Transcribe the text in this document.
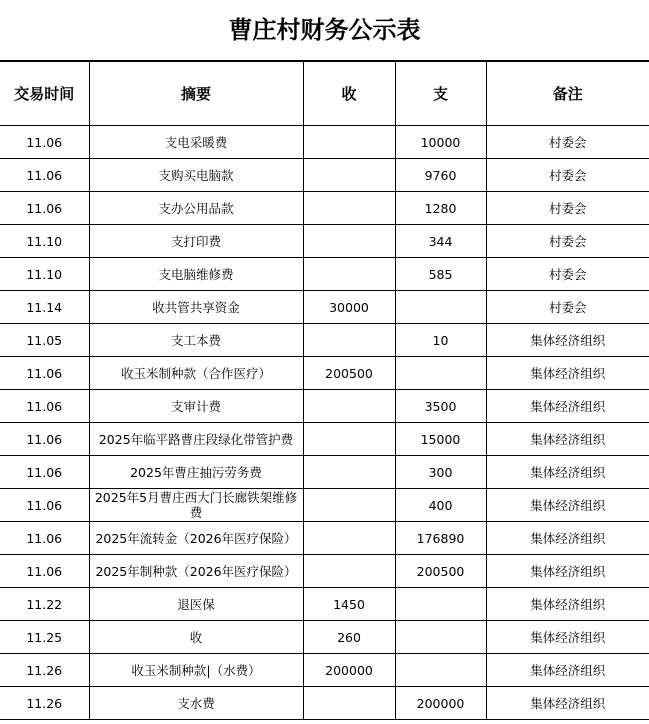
曹庄村财务公示表
交易时间	摘要	收	支	备注
11.06	支电采暖费		10000	村委会
11.06	支购买电脑款		9760	村委会
11.06	支办公用品款		1280	村委会
11.10	支打印费		344	村委会
11.10	支电脑维修费		585	村委会
11.14	收共管共享资金	30000		村委会
11.05	支工本费		10	集体经济组织
11.06	收玉米制种款（合作医疗）	200500		集体经济组织
11.06	支审计费		3500	集体经济组织
11.06	2025年临平路曹庄段绿化带管护费		15000	集体经济组织
11.06	2025年曹庄抽污劳务费		300	集体经济组织
11.06	2025年5月曹庄西大门长廊铁架维修费		400	集体经济组织
11.06	2025年流转金（2026年医疗保险）		176890	集体经济组织
11.06	2025年制种款（2026年医疗保险）		200500	集体经济组织
11.22	退医保	1450		集体经济组织
11.25	收	260		集体经济组织
11.26	收玉米制种款|（水费）	200000		集体经济组织
11.26	支水费		200000	集体经济组织
